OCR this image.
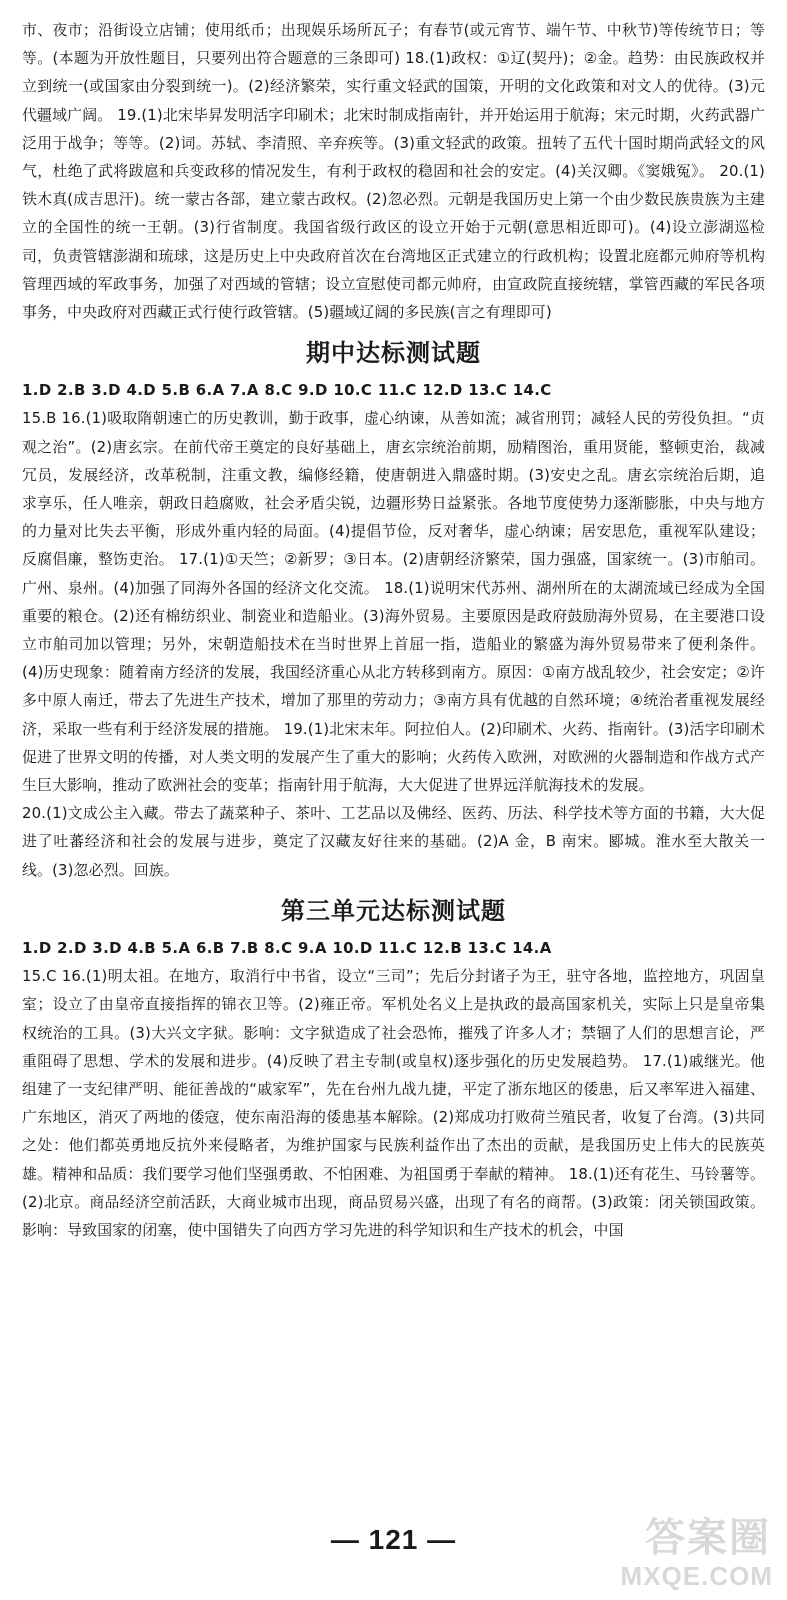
市、夜市；沿街设立店铺；使用纸币；出现娱乐场所瓦子；有春节(或元宵节、端午节、中秋节)等传统节日；等等。(本题为开放性题目，只要列出符合题意的三条即可) 18.(1)政权：①辽(契丹)；②金。趋势：由民族政权并立到统一(或国家由分裂到统一)。(2)经济繁荣，实行重文轻武的国策，开明的文化政策和对文人的优待。(3)元代疆域广阔。 19.(1)北宋毕昇发明活字印刷术；北宋时制成指南针，并开始运用于航海；宋元时期，火药武器广泛用于战争；等等。(2)词。苏轼、李清照、辛弃疾等。(3)重文轻武的政策。扭转了五代十国时期尚武轻文的风气，杜绝了武将跋扈和兵变政移的情况发生，有利于政权的稳固和社会的安定。(4)关汉卿。《窦娥冤》。 20.(1)铁木真(成吉思汗)。统一蒙古各部，建立蒙古政权。(2)忽必烈。元朝是我国历史上第一个由少数民族贵族为主建立的全国性的统一王朝。(3)行省制度。我国省级行政区的设立开始于元朝(意思相近即可)。(4)设立澎湖巡检司，负责管辖澎湖和琉球，这是历史上中央政府首次在台湾地区正式建立的行政机构；设置北庭都元帅府等机构管理西域的军政事务，加强了对西域的管辖；设立宣慰使司都元帅府，由宣政院直接统辖，掌管西藏的军民各项事务，中央政府对西藏正式行使行政管辖。(5)疆域辽阔的多民族(言之有理即可)

期中达标测试题

1.D 2.B 3.D 4.D 5.B 6.A 7.A 8.C 9.D 10.C 11.C 12.D 13.C 14.C

15.B 16.(1)吸取隋朝速亡的历史教训，勤于政事，虚心纳谏，从善如流；减省刑罚；减轻人民的劳役负担。“贞观之治”。(2)唐玄宗。在前代帝王奠定的良好基础上，唐玄宗统治前期，励精图治，重用贤能，整顿吏治，裁减冗员，发展经济，改革税制，注重文教，编修经籍，使唐朝进入鼎盛时期。(3)安史之乱。唐玄宗统治后期，追求享乐，任人唯亲，朝政日趋腐败，社会矛盾尖锐，边疆形势日益紧张。各地节度使势力逐渐膨胀，中央与地方的力量对比失去平衡，形成外重内轻的局面。(4)提倡节俭，反对奢华，虚心纳谏；居安思危，重视军队建设；反腐倡廉，整饬吏治。 17.(1)①天竺；②新罗；③日本。(2)唐朝经济繁荣，国力强盛，国家统一。(3)市舶司。广州、泉州。(4)加强了同海外各国的经济文化交流。 18.(1)说明宋代苏州、湖州所在的太湖流域已经成为全国重要的粮仓。(2)还有棉纺织业、制瓷业和造船业。(3)海外贸易。主要原因是政府鼓励海外贸易，在主要港口设立市舶司加以管理；另外，宋朝造船技术在当时世界上首屈一指，造船业的繁盛为海外贸易带来了便利条件。(4)历史现象：随着南方经济的发展，我国经济重心从北方转移到南方。原因：①南方战乱较少，社会安定；②许多中原人南迁，带去了先进生产技术，增加了那里的劳动力；③南方具有优越的自然环境；④统治者重视发展经济，采取一些有利于经济发展的措施。 19.(1)北宋末年。阿拉伯人。(2)印刷术、火药、指南针。(3)活字印刷术促进了世界文明的传播，对人类文明的发展产生了重大的影响；火药传入欧洲，对欧洲的火器制造和作战方式产生巨大影响，推动了欧洲社会的变革；指南针用于航海，大大促进了世界远洋航海技术的发展。

20.(1)文成公主入藏。带去了蔬菜种子、茶叶、工艺品以及佛经、医药、历法、科学技术等方面的书籍，大大促进了吐蕃经济和社会的发展与进步，奠定了汉藏友好往来的基础。(2)A 金，B 南宋。郾城。淮水至大散关一线。(3)忽必烈。回族。

第三单元达标测试题

1.D 2.D 3.D 4.B 5.A 6.B 7.B 8.C 9.A 10.D 11.C 12.B 13.C 14.A

15.C 16.(1)明太祖。在地方，取消行中书省，设立“三司”；先后分封诸子为王，驻守各地，监控地方，巩固皇室；设立了由皇帝直接指挥的锦衣卫等。(2)雍正帝。军机处名义上是执政的最高国家机关，实际上只是皇帝集权统治的工具。(3)大兴文字狱。影响：文字狱造成了社会恐怖，摧残了许多人才；禁锢了人们的思想言论，严重阻碍了思想、学术的发展和进步。(4)反映了君主专制(或皇权)逐步强化的历史发展趋势。 17.(1)戚继光。他组建了一支纪律严明、能征善战的“戚家军”，先在台州九战九捷，平定了浙东地区的倭患，后又率军进入福建、广东地区，消灭了两地的倭寇，使东南沿海的倭患基本解除。(2)郑成功打败荷兰殖民者，收复了台湾。(3)共同之处：他们都英勇地反抗外来侵略者，为维护国家与民族利益作出了杰出的贡献，是我国历史上伟大的民族英雄。精神和品质：我们要学习他们坚强勇敢、不怕困难、为祖国勇于奉献的精神。 18.(1)还有花生、马铃薯等。(2)北京。商品经济空前活跃，大商业城市出现，商品贸易兴盛，出现了有名的商帮。(3)政策：闭关锁国政策。影响：导致国家的闭塞，使中国错失了向西方学习先进的科学知识和生产技术的机会，中国

— 121 —	答案圈
MXQE.COM
